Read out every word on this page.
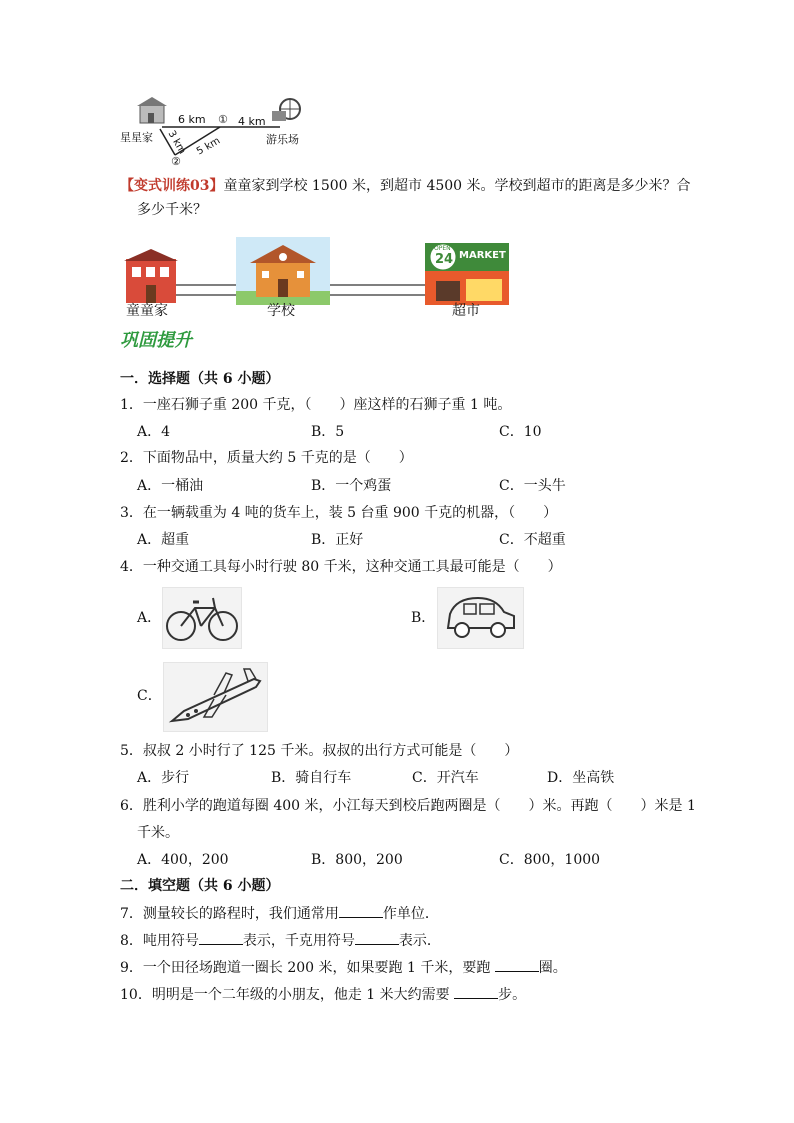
6 km ① 4 km
星星家	游乐场
3 km 5 km
②
【变式训练03】童童家到学校 1500 米，到超市 4500 米。学校到超市的距离是多少米？合
多少千米？
OPEN
24 MARKET
童童家	学校	超市
巩固提升
一．选择题（共 6 小题）
1．一座石狮子重 200 千克，（　　）座这样的石狮子重 1 吨。
A．4	B．5	C．10
2．下面物品中，质量大约 5 千克的是（　　）
A．一桶油	B．一个鸡蛋	C．一头牛
3．在一辆载重为 4 吨的货车上，装 5 台重 900 千克的机器，（　　）
A．超重	B．正好	C．不超重
4．一种交通工具每小时行驶 80 千米，这种交通工具最可能是（　　）
A．	B．
C．
5．叔叔 2 小时行了 125 千米。叔叔的出行方式可能是（　　）
A．步行	B．骑自行车	C．开汽车	D．坐高铁
6．胜利小学的跑道每圈 400 米，小江每天到校后跑两圈是（　　）米。再跑（　　）米是 1
千米。
A．400，200	B．800，200	C．800，1000
二．填空题（共 6 小题）
7．测量较长的路程时，我们通常用	作单位．
8．吨用符号	表示，千克用符号	表示．
9．一个田径场跑道一圈长 200 米，如果要跑 1 千米，要跑	圈。
10．明明是一个二年级的小朋友，他走 1 米大约需要	步。
